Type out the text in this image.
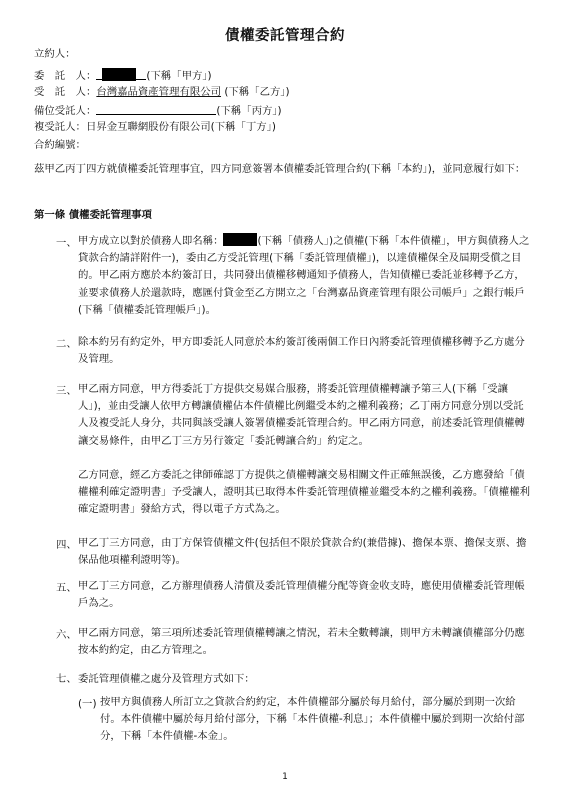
債權委託管理合約
立約人：
委　託　人：	(下稱「甲方」)
受　託　人：台灣嘉品資產管理有限公司 (下稱「乙方」)
備位受託人：	(下稱「丙方」)
複受託人：日昇金互聯網股份有限公司(下稱「丁方」)
合約編號：
茲甲乙丙丁四方就債權委託管理事宜，四方同意簽署本債權委託管理合約(下稱「本約」)，並同意履行如下：
第一條 債權委託管理事項
一、 甲方成立以對於債務人即名稱：	(下稱「債務人」)之債權(下稱「本件債權」，甲方與債務人之貸款合約請詳附件一)，委由乙方受託管理(下稱「委託管理債權」)，以達債權保全及屆期受償之目的。甲乙兩方應於本約簽訂日，共同發出債權移轉通知予債務人，告知債權已委託並移轉予乙方，並要求債務人於還款時，應匯付貸金至乙方開立之「台灣嘉品資產管理有限公司帳戶」之銀行帳戶(下稱「債權委託管理帳戶」)。
二、 除本約另有約定外，甲方即委託人同意於本約簽訂後兩個工作日內將委託管理債權移轉予乙方處分及管理。
三、 甲乙兩方同意，甲方得委託丁方提供交易媒合服務，將委託管理債權轉讓予第三人(下稱「受讓人」)，並由受讓人依甲方轉讓債權佔本件債權比例繼受本約之權利義務；乙丁兩方同意分別以受託人及複受託人身分，共同與該受讓人簽署債權委託管理合約。甲乙兩方同意，前述委託管理債權轉讓交易條件，由甲乙丁三方另行簽定「委託轉讓合約」約定之。
乙方同意，經乙方委託之律師確認丁方提供之債權轉讓交易相關文件正確無誤後，乙方應發給「債權權利確定證明書」予受讓人，證明其已取得本件委託管理債權並繼受本約之權利義務。「債權權利確定證明書」發給方式，得以電子方式為之。
四、 甲乙丁三方同意，由丁方保管債權文件(包括但不限於貸款合約(兼借據)、擔保本票、擔保支票、擔保品他項權利證明等)。
五、 甲乙丁三方同意，乙方辦理債務人清償及委託管理債權分配等資金收支時，應使用債權委託管理帳戶為之。
六、 甲乙兩方同意，第三項所述委託管理債權轉讓之情況，若未全數轉讓，則甲方未轉讓債權部分仍應按本約約定，由乙方管理之。
七、 委託管理債權之處分及管理方式如下：
(一) 按甲方與債務人所訂立之貸款合約約定，本件債權部分屬於每月給付，部分屬於到期一次給付。本件債權中屬於每月給付部分，下稱「本件債權-利息」；本件債權中屬於到期一次給付部分，下稱「本件債權-本金」。
1
